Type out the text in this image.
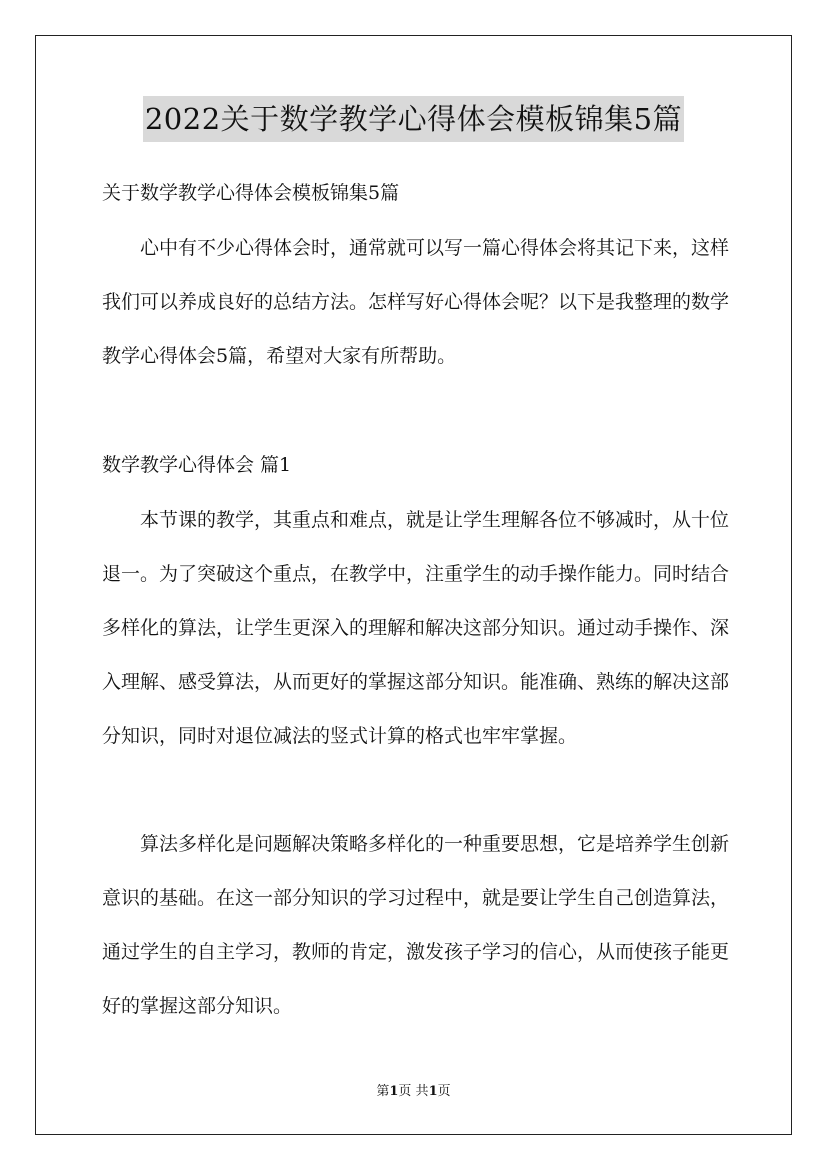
2022关于数学教学心得体会模板锦集5篇

关于数学教学心得体会模板锦集5篇

心中有不少心得体会时，通常就可以写一篇心得体会将其记下来，这样我们可以养成良好的总结方法。怎样写好心得体会呢？以下是我整理的数学教学心得体会5篇，希望对大家有所帮助。

数学教学心得体会 篇1

本节课的教学，其重点和难点，就是让学生理解各位不够减时，从十位退一。为了突破这个重点，在教学中，注重学生的动手操作能力。同时结合多样化的算法，让学生更深入的理解和解决这部分知识。通过动手操作、深入理解、感受算法，从而更好的掌握这部分知识。能准确、熟练的解决这部分知识，同时对退位减法的竖式计算的格式也牢牢掌握。

算法多样化是问题解决策略多样化的一种重要思想，它是培养学生创新意识的基础。在这一部分知识的学习过程中，就是要让学生自己创造算法，通过学生的自主学习，教师的肯定，激发孩子学习的信心，从而使孩子能更好的掌握这部分知识。

第1页 共1页
